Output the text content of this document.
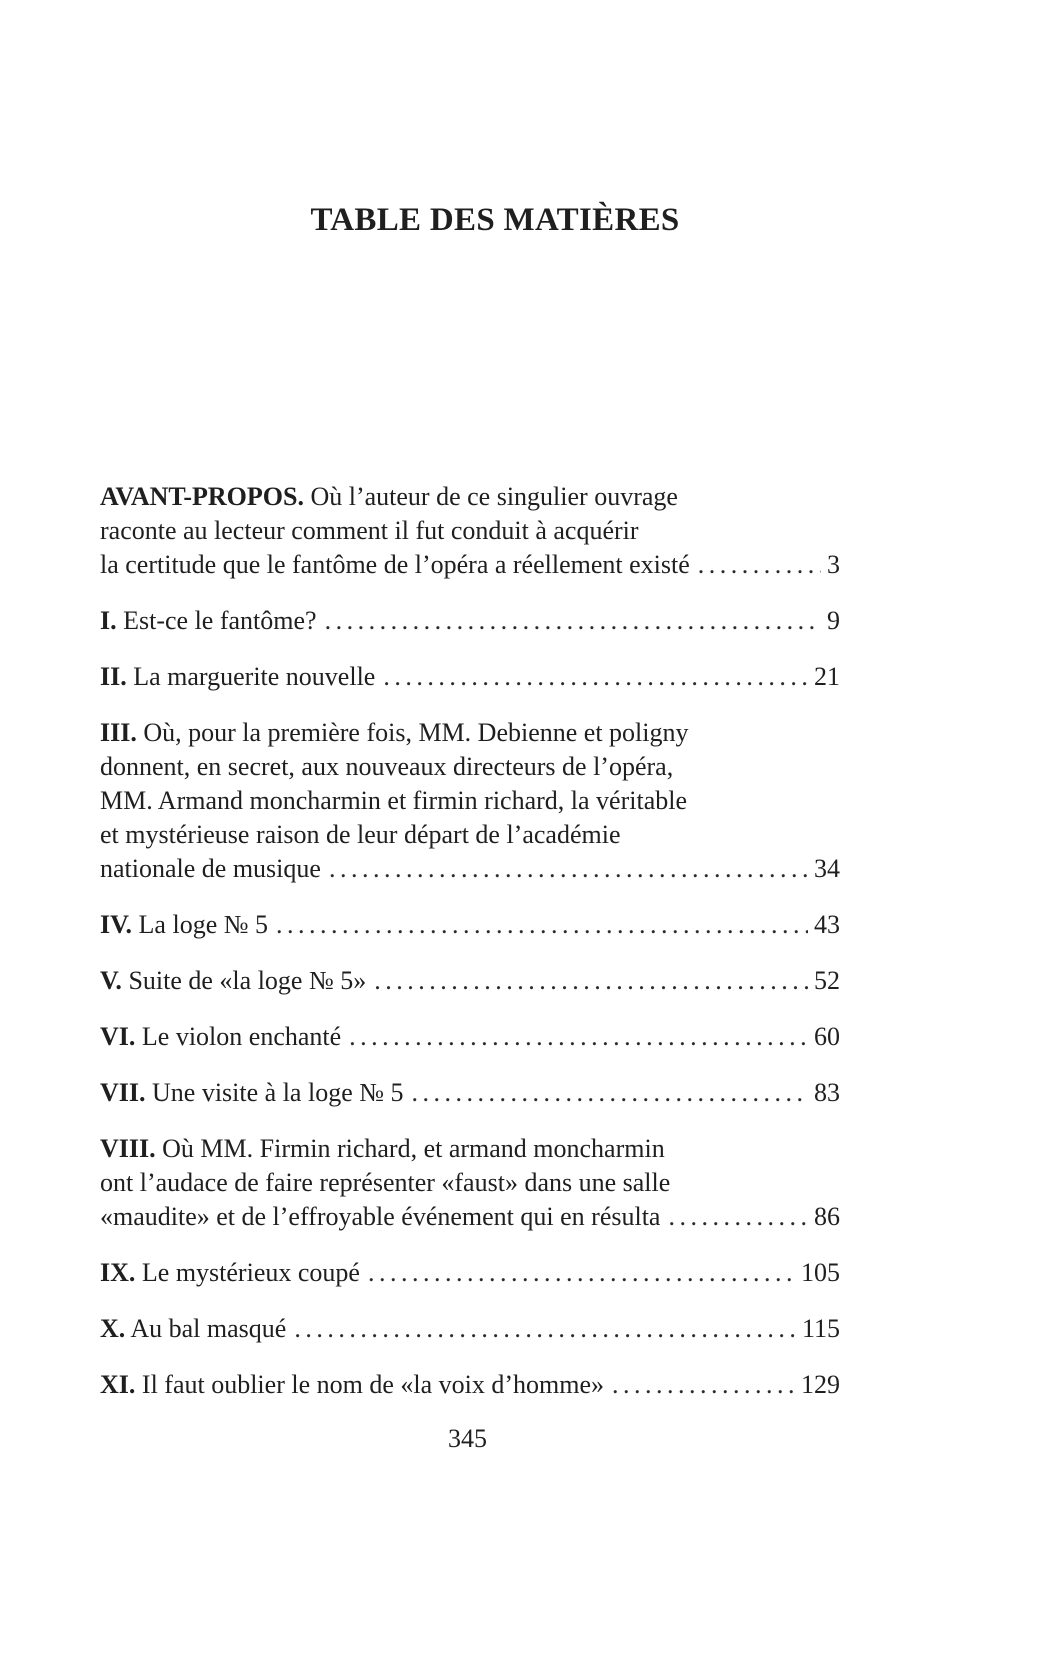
TABLE DES MATIÈRES
AVANT-PROPOS. Où l’auteur de ce singulier ouvrage
raconte au lecteur comment il fut conduit à acquérir
la certitude que le fantôme de l’opéra a réellement existé . . .	3
I. Est-ce le fantôme? . . .	9
II. La marguerite nouvelle . . .	21
III. Où, pour la première fois, MM. Debienne et poligny
donnent, en secret, aux nouveaux directeurs de l’opéra,
MM. Armand moncharmin et firmin richard, la véritable
et mystérieuse raison de leur départ de l’académie
nationale de musique . . .	34
IV. La loge № 5 . . .	43
V. Suite de «la loge № 5» . . .	52
VI. Le violon enchanté . . .	60
VII. Une visite à la loge № 5 . . .	83
VIII. Où MM. Firmin richard, et armand moncharmin
ont l’audace de faire représenter «faust» dans une salle
«maudite» et de l’effroyable événement qui en résulta . . .	86
IX. Le mystérieux coupé . . .	105
X. Au bal masqué . . .	115
XI. Il faut oublier le nom de «la voix d’homme» . . .	129
345
